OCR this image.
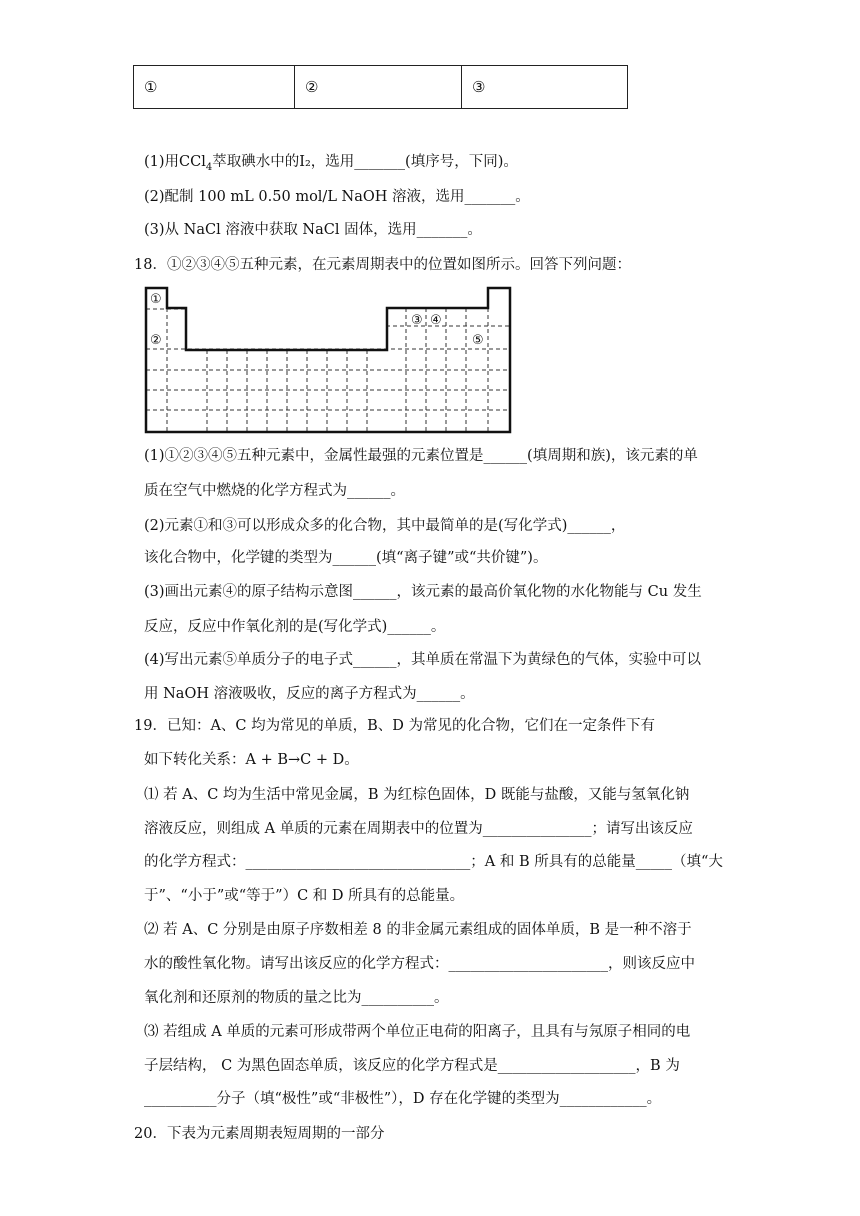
①	②	③
(1)用CCl$_4$萃取碘水中的I₂，选用_______(填序号，下同)。
(2)配制 100 mL 0.50 mol/L NaOH 溶液，选用_______。
(3)从 NaCl 溶液中获取 NaCl 固体，选用_______。
18．①②③④⑤五种元素，在元素周期表中的位置如图所示。回答下列问题：
①
②
③ ④
⑤
(1)①②③④⑤五种元素中，金属性最强的元素位置是______(填周期和族)，该元素的单
质在空气中燃烧的化学方程式为______。
(2)元素①和③可以形成众多的化合物，其中最简单的是(写化学式)______，
该化合物中，化学键的类型为______(填“离子键”或“共价键”)。
(3)画出元素④的原子结构示意图______，该元素的最高价氧化物的水化物能与 Cu 发生
反应，反应中作氧化剂的是(写化学式)______。
(4)写出元素⑤单质分子的电子式______，其单质在常温下为黄绿色的气体，实验中可以
用 NaOH 溶液吸收，反应的离子方程式为______。
19．已知：A、C 均为常见的单质，B、D 为常见的化合物，它们在一定条件下有
如下转化关系：A + B→C + D。
⑴ 若 A、C 均为生活中常见金属，B 为红棕色固体，D 既能与盐酸，又能与氢氧化钠
溶液反应，则组成 A 单质的元素在周期表中的位置为_______________；请写出该反应
的化学方程式：_______________________________；A 和 B 所具有的总能量_____（填“大
于”、“小于”或“等于”）C 和 D 所具有的总能量。
⑵ 若 A、C 分别是由原子序数相差 8 的非金属元素组成的固体单质，B 是一种不溶于
水的酸性氧化物。请写出该反应的化学方程式：______________________，则该反应中
氧化剂和还原剂的物质的量之比为__________。
⑶ 若组成 A 单质的元素可形成带两个单位正电荷的阳离子，且具有与氖原子相同的电
子层结构， C 为黑色固态单质，该反应的化学方程式是___________________，B 为
__________分子（填“极性”或“非极性”），D 存在化学键的类型为____________。
20．下表为元素周期表短周期的一部分
